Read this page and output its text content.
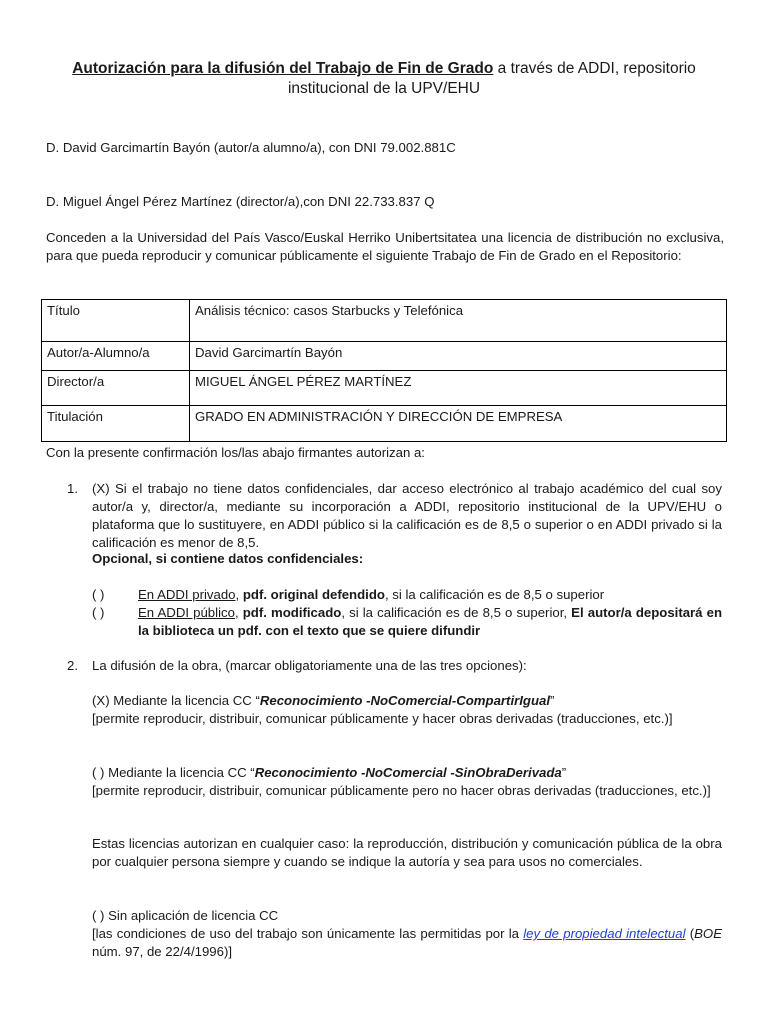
Autorización para la difusión del Trabajo de Fin de Grado a través de ADDI, repositorio institucional de la UPV/EHU
D. David Garcimartín Bayón (autor/a alumno/a), con DNI 79.002.881C
D. Miguel Ángel Pérez Martínez (director/a),con DNI 22.733.837 Q
Conceden a la Universidad del País Vasco/Euskal Herriko Unibertsitatea una licencia de distribución no exclusiva, para que pueda reproducir y comunicar públicamente el siguiente Trabajo de Fin de Grado en el Repositorio:
Título	Análisis técnico: casos Starbucks y Telefónica
Autor/a-Alumno/a	David Garcimartín Bayón
Director/a	MIGUEL ÁNGEL PÉREZ MARTÍNEZ
Titulación	GRADO EN ADMINISTRACIÓN Y DIRECCIÓN DE EMPRESA
Con la presente confirmación los/las abajo firmantes autorizan a:
1. (X) Si el trabajo no tiene datos confidenciales, dar acceso electrónico al trabajo académico del cual soy autor/a y, director/a, mediante su incorporación a ADDI, repositorio institucional de la UPV/EHU o plataforma que lo sustituyere, en ADDI público si la calificación es de 8,5 o superior o en ADDI privado si la calificación es menor de 8,5.
Opcional, si contiene datos confidenciales:
( )	En ADDI privado, pdf. original defendido, si la calificación es de 8,5 o superior
( )	En ADDI público, pdf. modificado, si la calificación es de 8,5 o superior, El autor/a depositará en la biblioteca un pdf. con el texto que se quiere difundir
2. La difusión de la obra, (marcar obligatoriamente una de las tres opciones):
(X) Mediante la licencia CC “Reconocimiento -NoComercial-CompartirIgual”
[permite reproducir, distribuir, comunicar públicamente y hacer obras derivadas (traducciones, etc.)]
( ) Mediante la licencia CC “Reconocimiento -NoComercial -SinObraDerivada”
[permite reproducir, distribuir, comunicar públicamente pero no hacer obras derivadas (traducciones, etc.)]
Estas licencias autorizan en cualquier caso: la reproducción, distribución y comunicación pública de la obra por cualquier persona siempre y cuando se indique la autoría y sea para usos no comerciales.
( ) Sin aplicación de licencia CC
[las condiciones de uso del trabajo son únicamente las permitidas por la ley de propiedad intelectual (BOE núm. 97, de 22/4/1996)]
